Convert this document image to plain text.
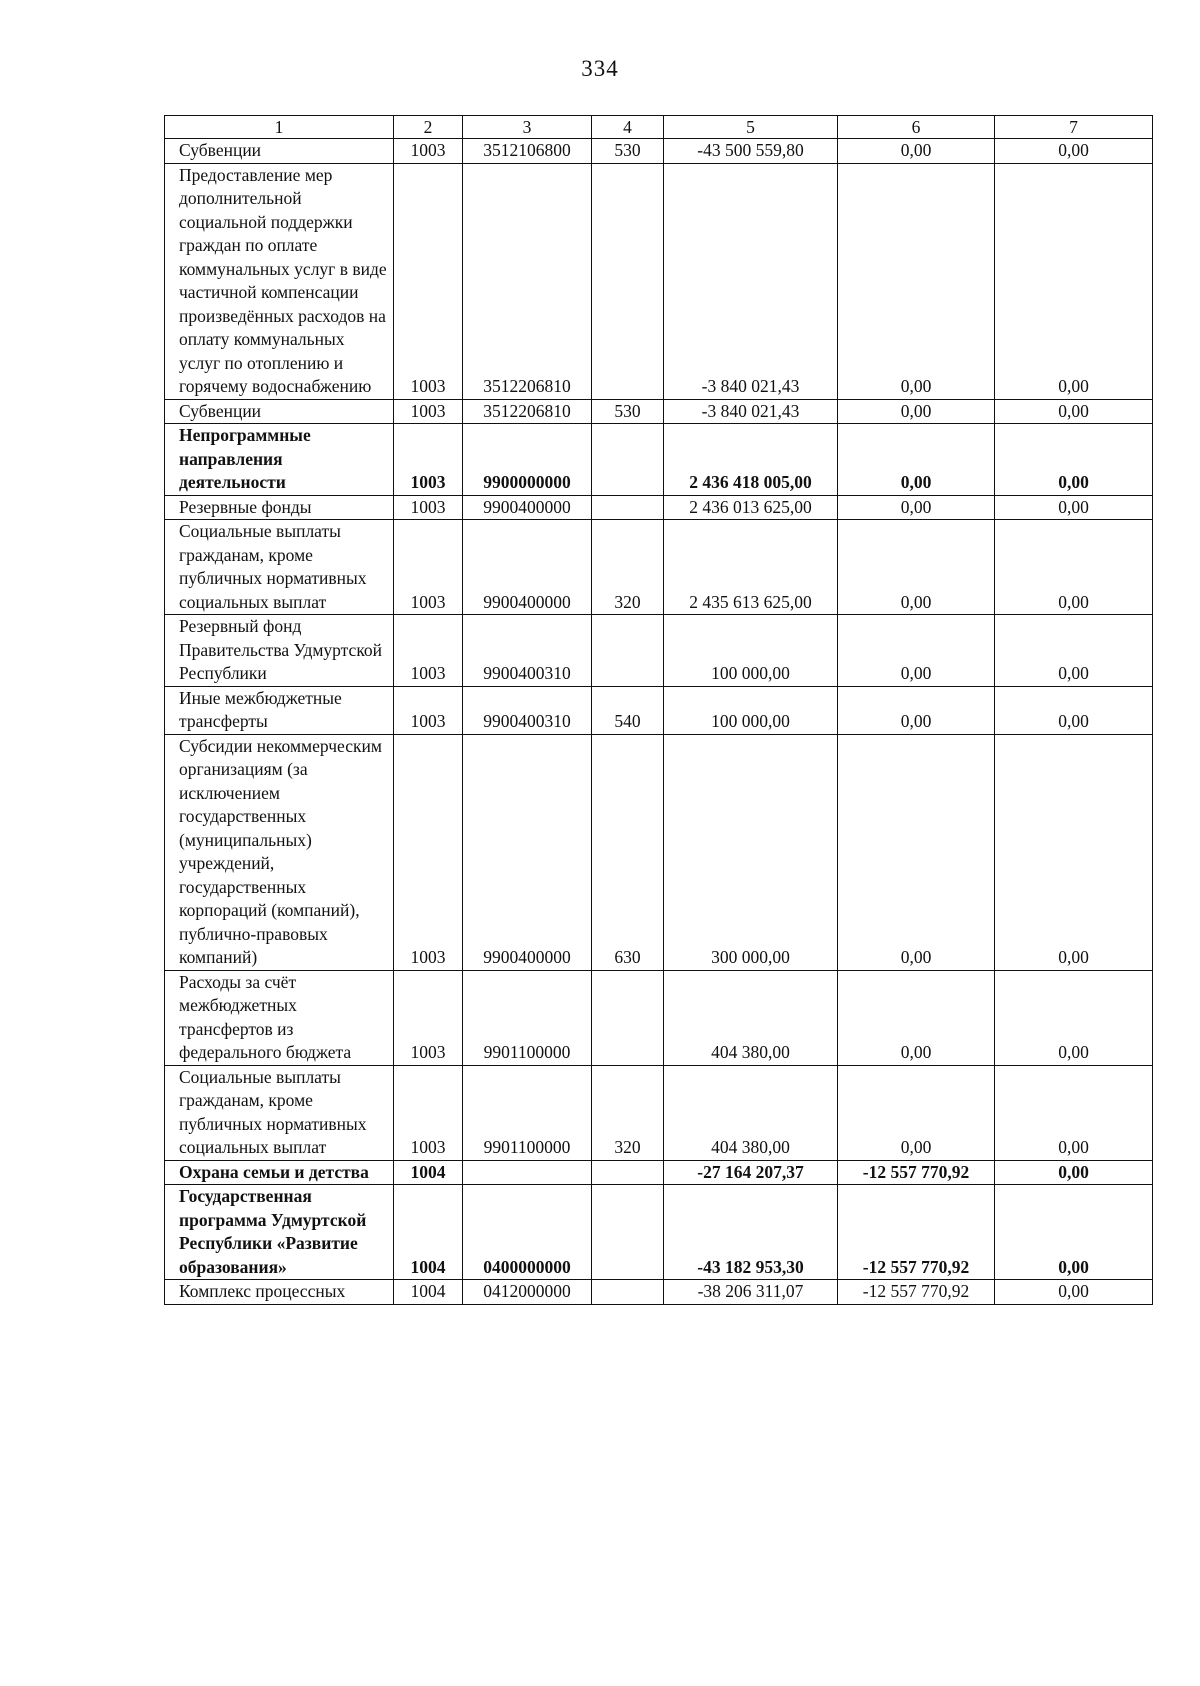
334
1	2	3	4	5	6	7
Субвенции	1003	3512106800	530	-43 500 559,80	0,00	0,00
Предоставление мер дополнительной социальной поддержки граждан по оплате коммунальных услуг в виде частичной компенсации произведённых расходов на оплату коммунальных услуг по отоплению и горячему водоснабжению	1003	3512206810		-3 840 021,43	0,00	0,00
Субвенции	1003	3512206810	530	-3 840 021,43	0,00	0,00
Непрограммные направления деятельности	1003	9900000000		2 436 418 005,00	0,00	0,00
Резервные фонды	1003	9900400000		2 436 013 625,00	0,00	0,00
Социальные выплаты гражданам, кроме публичных нормативных социальных выплат	1003	9900400000	320	2 435 613 625,00	0,00	0,00
Резервный фонд Правительства Удмуртской Республики	1003	9900400310		100 000,00	0,00	0,00
Иные межбюджетные трансферты	1003	9900400310	540	100 000,00	0,00	0,00
Субсидии некоммерческим организациям (за исключением государственных (муниципальных) учреждений, государственных корпораций (компаний), публично-правовых компаний)	1003	9900400000	630	300 000,00	0,00	0,00
Расходы за счёт межбюджетных трансфертов из федерального бюджета	1003	9901100000		404 380,00	0,00	0,00
Социальные выплаты гражданам, кроме публичных нормативных социальных выплат	1003	9901100000	320	404 380,00	0,00	0,00
Охрана семьи и детства	1004			-27 164 207,37	-12 557 770,92	0,00
Государственная программа Удмуртской Республики «Развитие образования»	1004	0400000000		-43 182 953,30	-12 557 770,92	0,00
Комплекс процессных	1004	0412000000		-38 206 311,07	-12 557 770,92	0,00
